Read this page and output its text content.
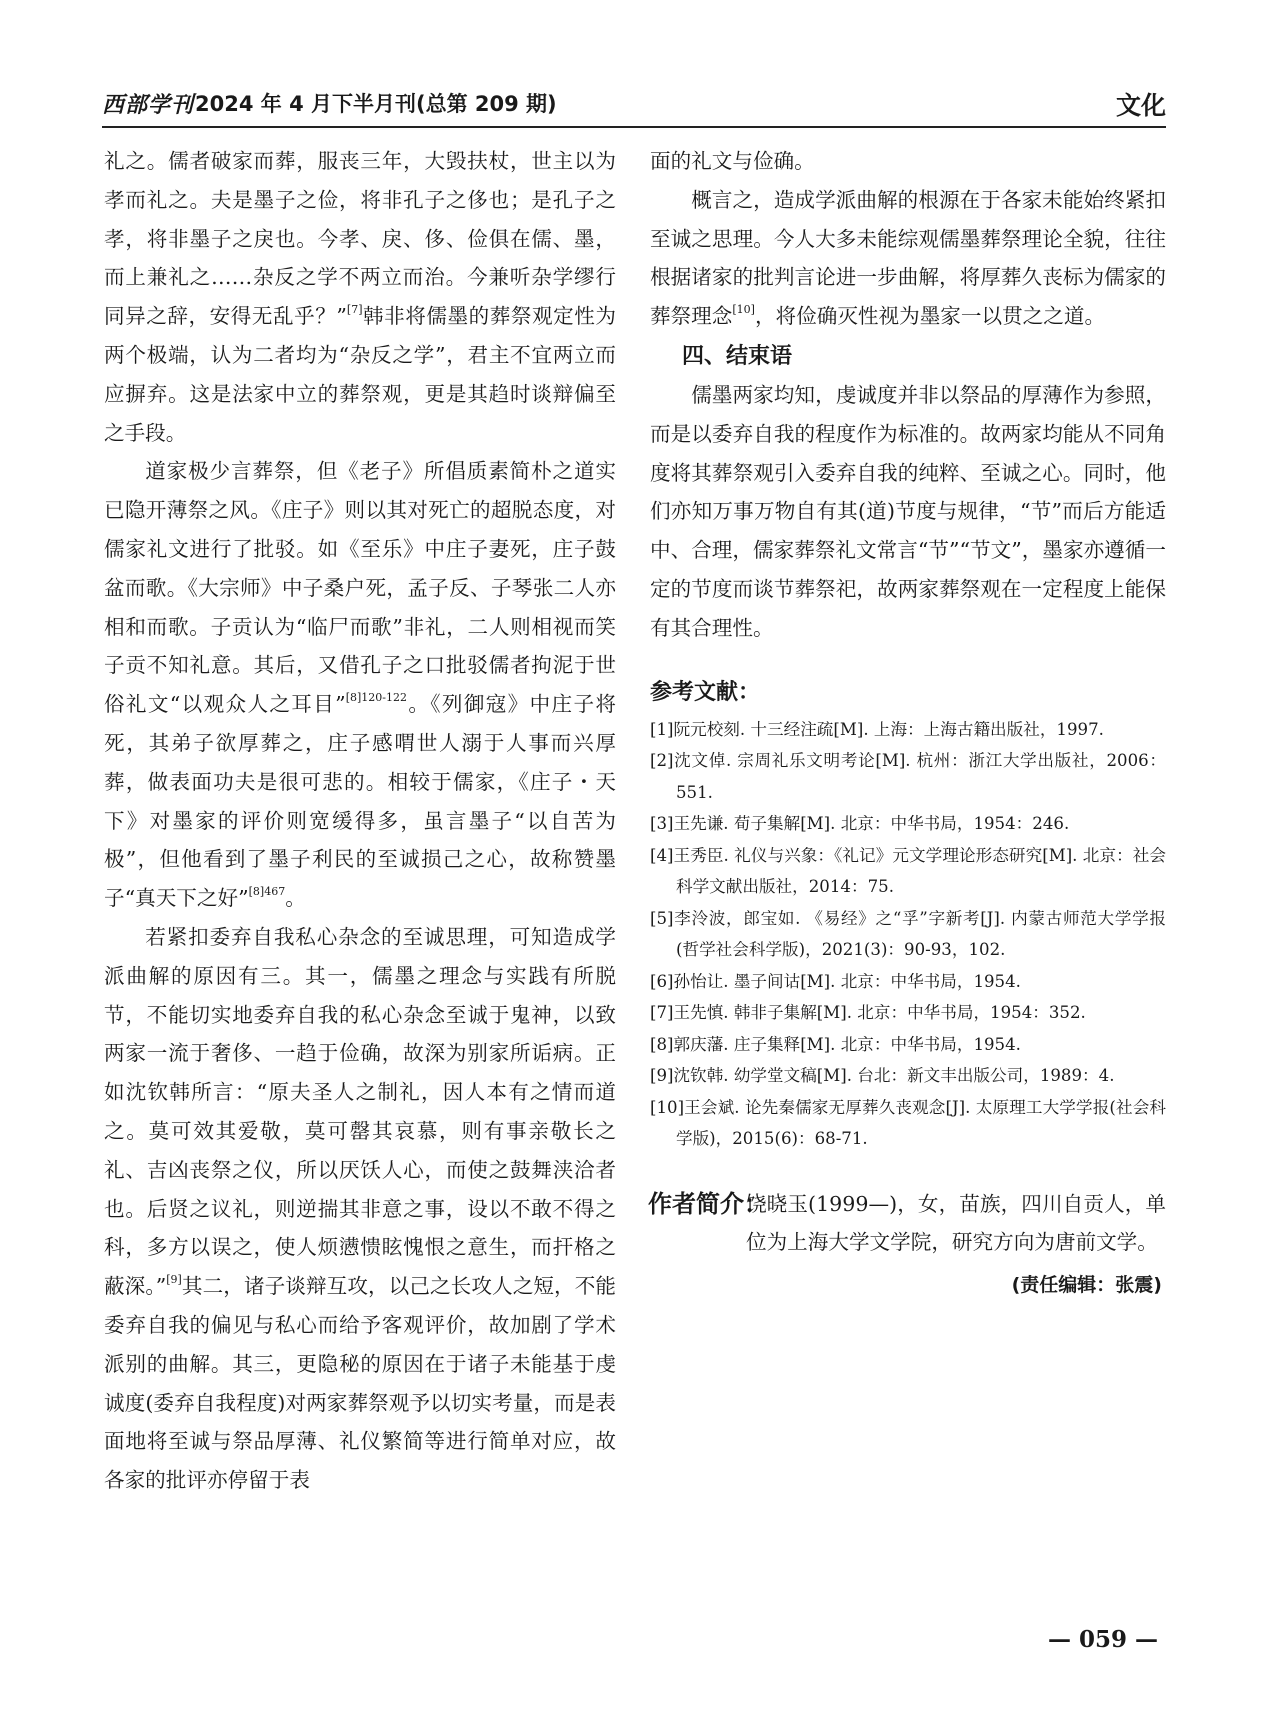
西部学刊 2024 年 4 月下半月刊(总第 209 期)	文化

礼之。儒者破家而葬，服丧三年，大毁扶杖，世主以为孝而礼之。夫是墨子之俭，将非孔子之侈也；是孔子之孝，将非墨子之戾也。今孝、戾、侈、俭俱在儒、墨，而上兼礼之……杂反之学不两立而治。今兼听杂学缪行同异之辞，安得无乱乎？”[7]韩非将儒墨的葬祭观定性为两个极端，认为二者均为“杂反之学”，君主不宜两立而应摒弃。这是法家中立的葬祭观，更是其趋时谈辩偏至之手段。

道家极少言葬祭，但《老子》所倡质素简朴之道实已隐开薄祭之风。《庄子》则以其对死亡的超脱态度，对儒家礼文进行了批驳。如《至乐》中庄子妻死，庄子鼓盆而歌。《大宗师》中子桑户死，孟子反、子琴张二人亦相和而歌。子贡认为“临尸而歌”非礼，二人则相视而笑子贡不知礼意。其后，又借孔子之口批驳儒者拘泥于世俗礼文“以观众人之耳目”$^{[8]120-122}$。《列御寇》中庄子将死，其弟子欲厚葬之，庄子感喟世人溺于人事而兴厚葬，做表面功夫是很可悲的。相较于儒家，《庄子・天下》对墨家的评价则宽缓得多，虽言墨子“以自苦为极”，但他看到了墨子利民的至诚损己之心，故称赞墨子“真天下之好”$^{[8]467}$。

若紧扣委弃自我私心杂念的至诚思理，可知造成学派曲解的原因有三。其一，儒墨之理念与实践有所脱节，不能切实地委弃自我的私心杂念至诚于鬼神，以致两家一流于奢侈、一趋于俭确，故深为别家所诟病。正如沈钦韩所言：“原夫圣人之制礼，因人本有之情而道之。莫可效其爱敬，莫可罄其哀慕，则有事亲敬长之礼、吉凶丧祭之仪，所以厌饫人心，而使之鼓舞浃洽者也。后贤之议礼，则逆揣其非意之事，设以不敢不得之科，多方以误之，使人烦懑愦眩愧恨之意生，而扞格之蔽深。”[9]其二，诸子谈辩互攻，以己之长攻人之短，不能委弃自我的偏见与私心而给予客观评价，故加剧了学术派别的曲解。其三，更隐秘的原因在于诸子未能基于虔诚度(委弃自我程度)对两家葬祭观予以切实考量，而是表面地将至诚与祭品厚薄、礼仪繁简等进行简单对应，故各家的批评亦停留于表

面的礼文与俭确。

概言之，造成学派曲解的根源在于各家未能始终紧扣至诚之思理。今人大多未能综观儒墨葬祭理论全貌，往往根据诸家的批判言论进一步曲解，将厚葬久丧标为儒家的葬祭理念[10]，将俭确灭性视为墨家一以贯之之道。

四、结束语

儒墨两家均知，虔诚度并非以祭品的厚薄作为参照，而是以委弃自我的程度作为标准的。故两家均能从不同角度将其葬祭观引入委弃自我的纯粹、至诚之心。同时，他们亦知万事万物自有其(道)节度与规律，“节”而后方能适中、合理，儒家葬祭礼文常言“节”“节文”，墨家亦遵循一定的节度而谈节葬祭祀，故两家葬祭观在一定程度上能保有其合理性。

参考文献：
[1]阮元校刻. 十三经注疏[M]. 上海：上海古籍出版社，1997.
[2]沈文倬. 宗周礼乐文明考论[M]. 杭州：浙江大学出版社，2006：551.
[3]王先谦. 荀子集解[M]. 北京：中华书局，1954：246.
[4]王秀臣. 礼仪与兴象：《礼记》元文学理论形态研究[M]. 北京：社会科学文献出版社，2014：75.
[5]李泠波，郎宝如. 《易经》之“孚”字新考[J]. 内蒙古师范大学学报(哲学社会科学版)，2021(3)：90-93，102.
[6]孙怡让. 墨子间诂[M]. 北京：中华书局，1954.
[7]王先慎. 韩非子集解[M]. 北京：中华书局，1954：352.
[8]郭庆藩. 庄子集释[M]. 北京：中华书局，1954.
[9]沈钦韩. 幼学堂文稿[M]. 台北：新文丰出版公司，1989：4.
[10]王会斌. 论先秦儒家无厚葬久丧观念[J]. 太原理工大学学报(社会科学版)，2015(6)：68-71.
作者简介：
饶晓玉(1999—)，女，苗族，四川自贡人，单位为上海大学文学院，研究方向为唐前文学。
(责任编辑：张震)
— 059 —
